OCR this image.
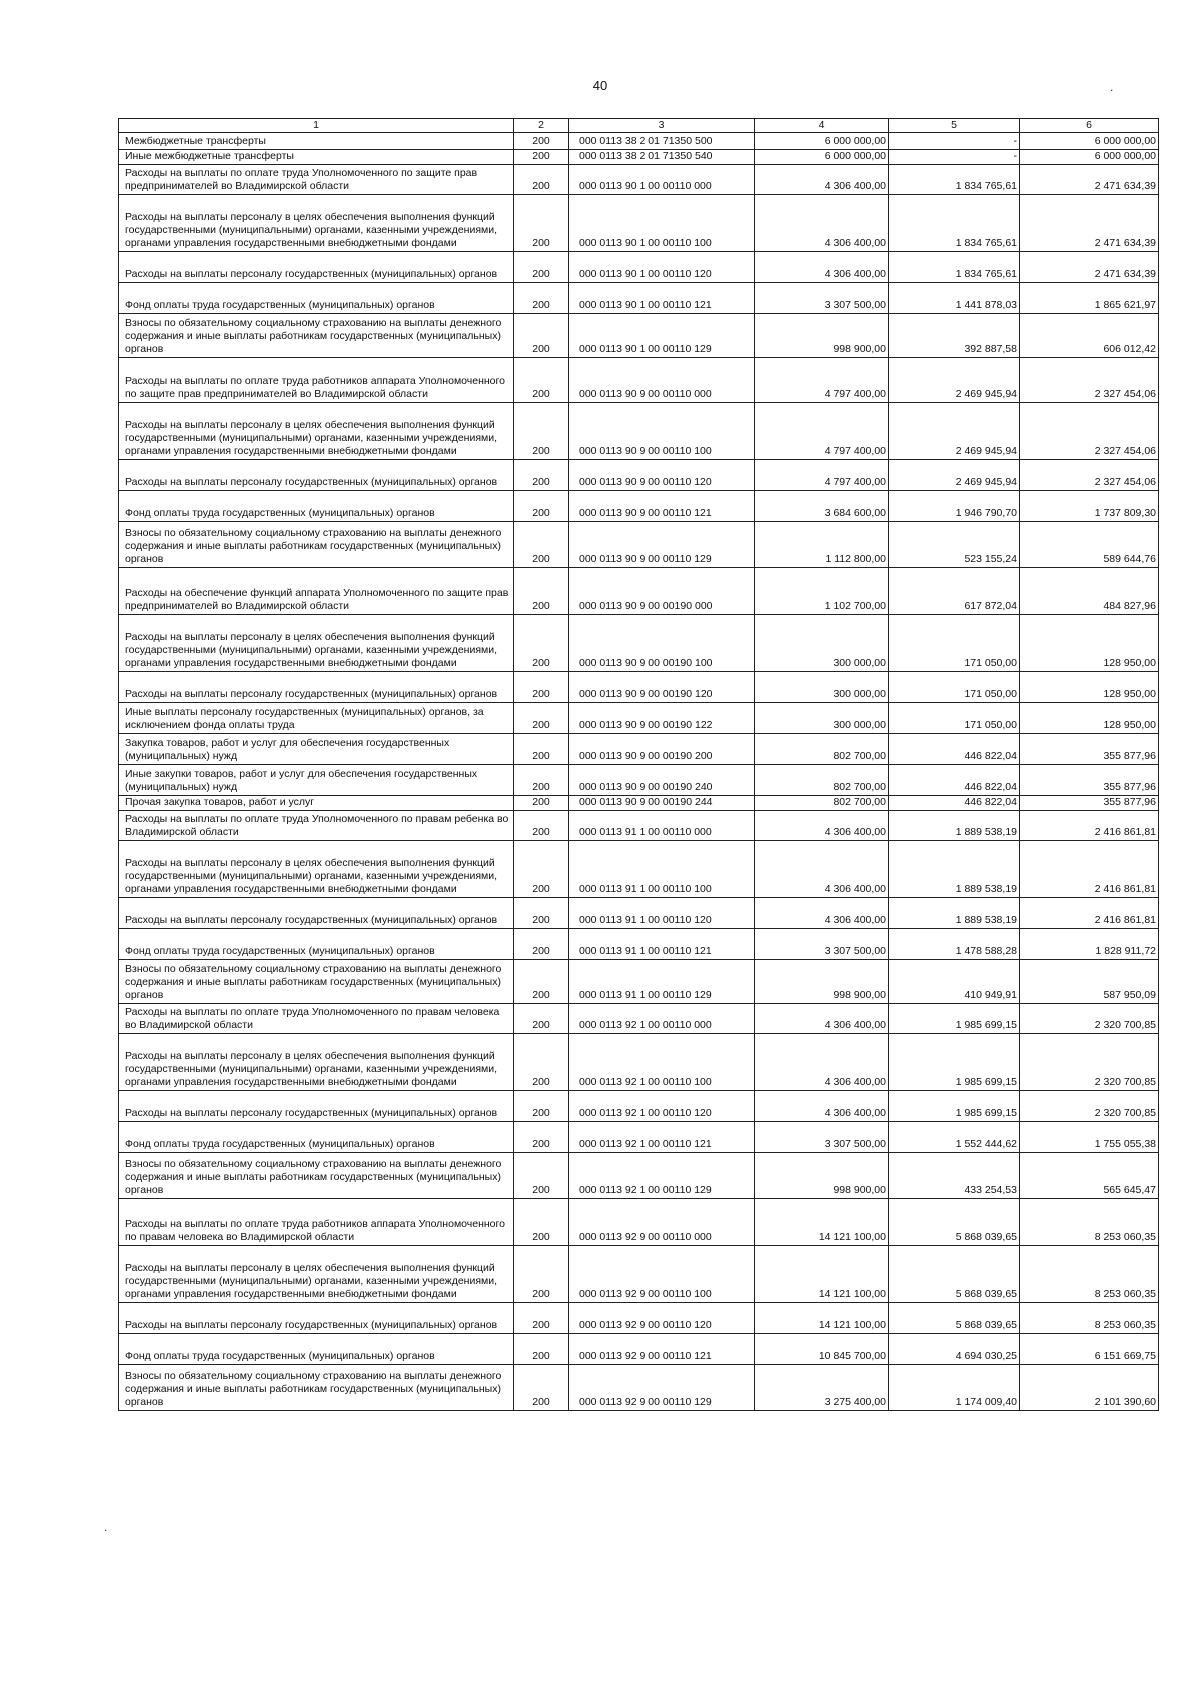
40	.
.
1	2	3	4	5	6
Межбюджетные трансферты	200	000 0113 38 2 01 71350 500	6 000 000,00	-	6 000 000,00
Иные межбюджетные трансферты	200	000 0113 38 2 01 71350 540	6 000 000,00	-	6 000 000,00
Расходы на выплаты по оплате труда Уполномоченного по защите прав предпринимателей во Владимирской области	200	000 0113 90 1 00 00110 000	4 306 400,00	1 834 765,61	2 471 634,39
Расходы на выплаты персоналу в целях обеспечения выполнения функций государственными (муниципальными) органами, казенными учреждениями, органами управления государственными внебюджетными фондами	200	000 0113 90 1 00 00110 100	4 306 400,00	1 834 765,61	2 471 634,39
Расходы на выплаты персоналу государственных (муниципальных) органов	200	000 0113 90 1 00 00110 120	4 306 400,00	1 834 765,61	2 471 634,39
Фонд оплаты труда государственных (муниципальных) органов	200	000 0113 90 1 00 00110 121	3 307 500,00	1 441 878,03	1 865 621,97
Взносы по обязательному социальному страхованию на выплаты денежного содержания и иные выплаты работникам государственных (муниципальных) органов	200	000 0113 90 1 00 00110 129	998 900,00	392 887,58	606 012,42
Расходы на выплаты по оплате труда работников аппарата Уполномоченного по защите прав предпринимателей во Владимирской области	200	000 0113 90 9 00 00110 000	4 797 400,00	2 469 945,94	2 327 454,06
Расходы на выплаты персоналу в целях обеспечения выполнения функций государственными (муниципальными) органами, казенными учреждениями, органами управления государственными внебюджетными фондами	200	000 0113 90 9 00 00110 100	4 797 400,00	2 469 945,94	2 327 454,06
Расходы на выплаты персоналу государственных (муниципальных) органов	200	000 0113 90 9 00 00110 120	4 797 400,00	2 469 945,94	2 327 454,06
Фонд оплаты труда государственных (муниципальных) органов	200	000 0113 90 9 00 00110 121	3 684 600,00	1 946 790,70	1 737 809,30
Взносы по обязательному социальному страхованию на выплаты денежного содержания и иные выплаты работникам государственных (муниципальных) органов	200	000 0113 90 9 00 00110 129	1 112 800,00	523 155,24	589 644,76
Расходы на обеспечение функций аппарата Уполномоченного по защите прав предпринимателей во Владимирской области	200	000 0113 90 9 00 00190 000	1 102 700,00	617 872,04	484 827,96
Расходы на выплаты персоналу в целях обеспечения выполнения функций государственными (муниципальными) органами, казенными учреждениями, органами управления государственными внебюджетными фондами	200	000 0113 90 9 00 00190 100	300 000,00	171 050,00	128 950,00
Расходы на выплаты персоналу государственных (муниципальных) органов	200	000 0113 90 9 00 00190 120	300 000,00	171 050,00	128 950,00
Иные выплаты персоналу государственных (муниципальных) органов, за исключением фонда оплаты труда	200	000 0113 90 9 00 00190 122	300 000,00	171 050,00	128 950,00
Закупка товаров, работ и услуг для обеспечения государственных (муниципальных) нужд	200	000 0113 90 9 00 00190 200	802 700,00	446 822,04	355 877,96
Иные закупки товаров, работ и услуг для обеспечения государственных (муниципальных) нужд	200	000 0113 90 9 00 00190 240	802 700,00	446 822,04	355 877,96
Прочая закупка товаров, работ и услуг	200	000 0113 90 9 00 00190 244	802 700,00	446 822,04	355 877,96
Расходы на выплаты по оплате труда Уполномоченного по правам ребенка во Владимирской области	200	000 0113 91 1 00 00110 000	4 306 400,00	1 889 538,19	2 416 861,81
Расходы на выплаты персоналу в целях обеспечения выполнения функций государственными (муниципальными) органами, казенными учреждениями, органами управления государственными внебюджетными фондами	200	000 0113 91 1 00 00110 100	4 306 400,00	1 889 538,19	2 416 861,81
Расходы на выплаты персоналу государственных (муниципальных) органов	200	000 0113 91 1 00 00110 120	4 306 400,00	1 889 538,19	2 416 861,81
Фонд оплаты труда государственных (муниципальных) органов	200	000 0113 91 1 00 00110 121	3 307 500,00	1 478 588,28	1 828 911,72
Взносы по обязательному социальному страхованию на выплаты денежного содержания и иные выплаты работникам государственных (муниципальных) органов	200	000 0113 91 1 00 00110 129	998 900,00	410 949,91	587 950,09
Расходы на выплаты по оплате труда Уполномоченного по правам человека во Владимирской области	200	000 0113 92 1 00 00110 000	4 306 400,00	1 985 699,15	2 320 700,85
Расходы на выплаты персоналу в целях обеспечения выполнения функций государственными (муниципальными) органами, казенными учреждениями, органами управления государственными внебюджетными фондами	200	000 0113 92 1 00 00110 100	4 306 400,00	1 985 699,15	2 320 700,85
Расходы на выплаты персоналу государственных (муниципальных) органов	200	000 0113 92 1 00 00110 120	4 306 400,00	1 985 699,15	2 320 700,85
Фонд оплаты труда государственных (муниципальных) органов	200	000 0113 92 1 00 00110 121	3 307 500,00	1 552 444,62	1 755 055,38
Взносы по обязательному социальному страхованию на выплаты денежного содержания и иные выплаты работникам государственных (муниципальных) органов	200	000 0113 92 1 00 00110 129	998 900,00	433 254,53	565 645,47
Расходы на выплаты по оплате труда работников аппарата Уполномоченного по правам человека во Владимирской области	200	000 0113 92 9 00 00110 000	14 121 100,00	5 868 039,65	8 253 060,35
Расходы на выплаты персоналу в целях обеспечения выполнения функций государственными (муниципальными) органами, казенными учреждениями, органами управления государственными внебюджетными фондами	200	000 0113 92 9 00 00110 100	14 121 100,00	5 868 039,65	8 253 060,35
Расходы на выплаты персоналу государственных (муниципальных) органов	200	000 0113 92 9 00 00110 120	14 121 100,00	5 868 039,65	8 253 060,35
Фонд оплаты труда государственных (муниципальных) органов	200	000 0113 92 9 00 00110 121	10 845 700,00	4 694 030,25	6 151 669,75
Взносы по обязательному социальному страхованию на выплаты денежного содержания и иные выплаты работникам государственных (муниципальных) органов	200	000 0113 92 9 00 00110 129	3 275 400,00	1 174 009,40	2 101 390,60
